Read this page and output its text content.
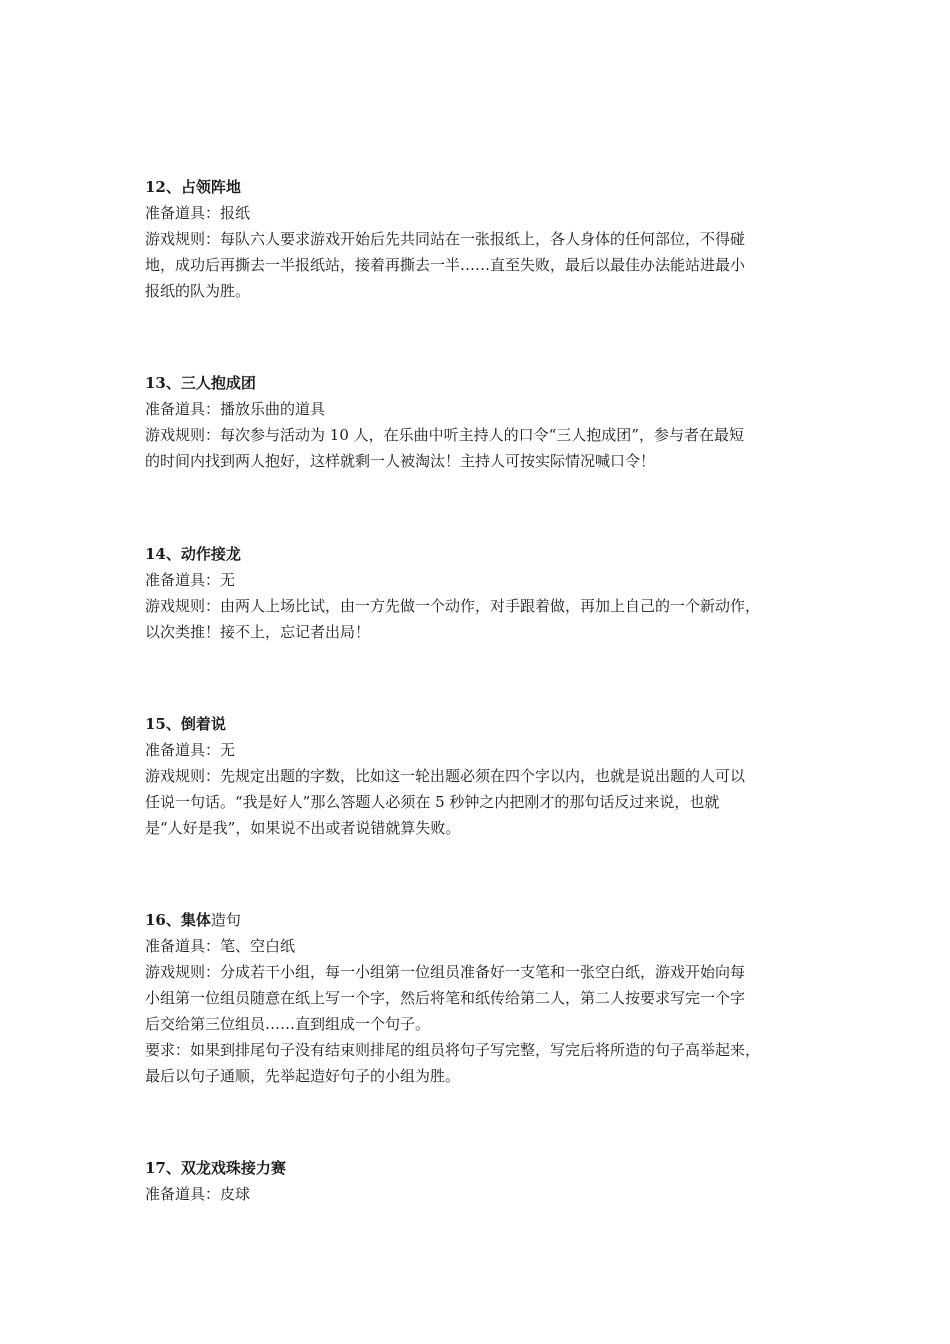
12、占领阵地

准备道具：报纸

游戏规则：每队六人要求游戏开始后先共同站在一张报纸上，各人身体的任何部位，不得碰

地，成功后再撕去一半报纸站，接着再撕去一半……直至失败，最后以最佳办法能站进最小

报纸的队为胜。

13、三人抱成团

准备道具：播放乐曲的道具

游戏规则：每次参与活动为 10 人，在乐曲中听主持人的口令“三人抱成团”，参与者在最短

的时间内找到两人抱好，这样就剩一人被淘汰！主持人可按实际情况喊口令！

14、动作接龙

准备道具：无

游戏规则：由两人上场比试，由一方先做一个动作，对手跟着做，再加上自己的一个新动作，

以次类推！接不上，忘记者出局！

15、倒着说

准备道具：无

游戏规则：先规定出题的字数，比如这一轮出题必须在四个字以内，也就是说出题的人可以

任说一句话。“我是好人”那么答题人必须在 5 秒钟之内把刚才的那句话反过来说，也就

是“人好是我”，如果说不出或者说错就算失败。

16、集体造句

准备道具：笔、空白纸

游戏规则：分成若干小组，每一小组第一位组员准备好一支笔和一张空白纸，游戏开始向每

小组第一位组员随意在纸上写一个字，然后将笔和纸传给第二人，第二人按要求写完一个字

后交给第三位组员……直到组成一个句子。

要求：如果到排尾句子没有结束则排尾的组员将句子写完整，写完后将所造的句子高举起来，

最后以句子通顺，先举起造好句子的小组为胜。

17、双龙戏珠接力赛

准备道具：皮球
